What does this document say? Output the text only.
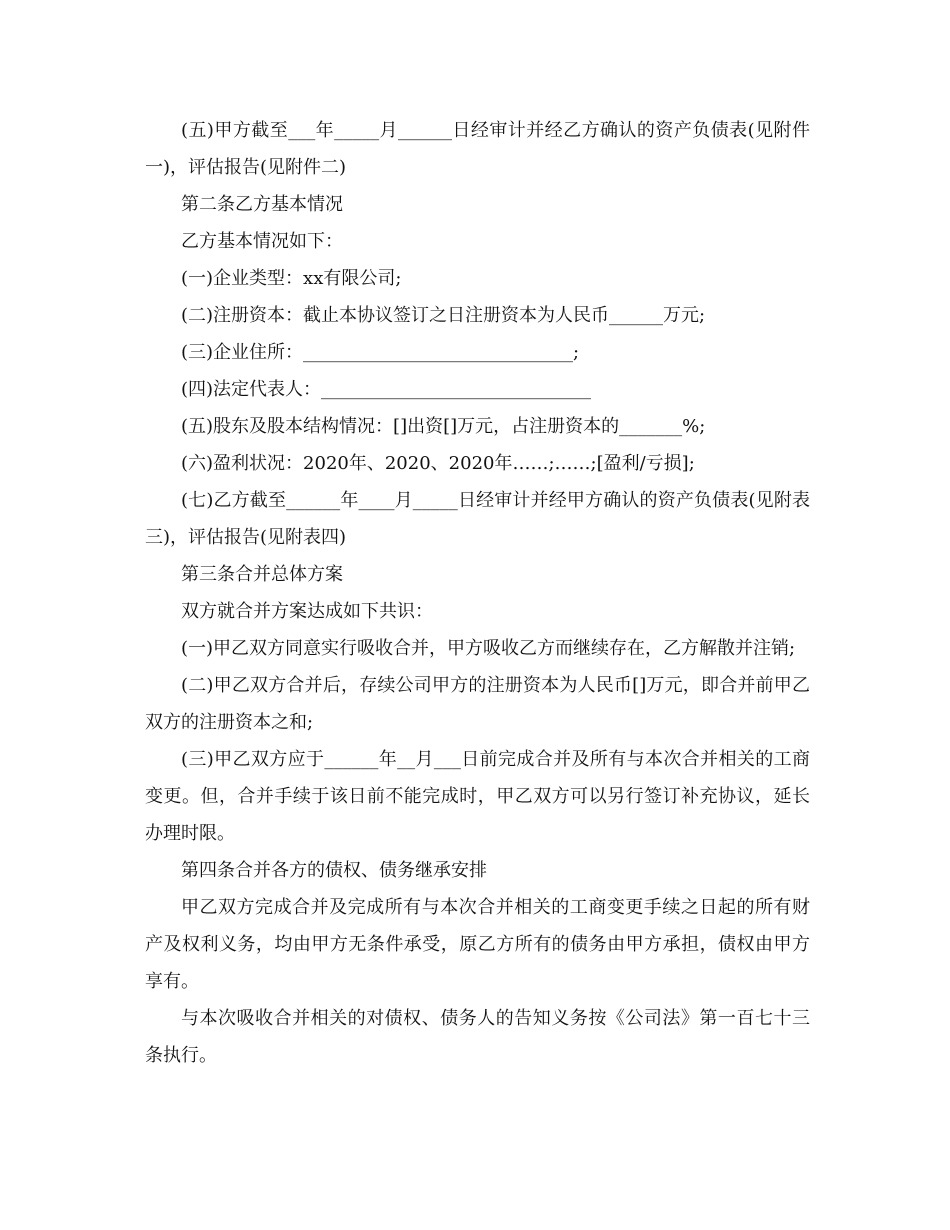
(五)甲方截至___年_____月______日经审计并经乙方确认的资产负债表(见附件一)，评估报告(见附件二)

第二条乙方基本情况

乙方基本情况如下：

(一)企业类型：xx有限公司;

(二)注册资本：截止本协议签订之日注册资本为人民币______万元;

(三)企业住所：______________________________;

(四)法定代表人：______________________________

(五)股东及股本结构情况：[]出资[]万元，占注册资本的_______%;

(六)盈利状况：2020年、2020、2020年……;……;[盈利/亏损];

(七)乙方截至______年____月_____日经审计并经甲方确认的资产负债表(见附表三)，评估报告(见附表四)

第三条合并总体方案

双方就合并方案达成如下共识：

(一)甲乙双方同意实行吸收合并，甲方吸收乙方而继续存在，乙方解散并注销;

(二)甲乙双方合并后，存续公司甲方的注册资本为人民币[]万元，即合并前甲乙双方的注册资本之和;

(三)甲乙双方应于______年__月___日前完成合并及所有与本次合并相关的工商变更。但，合并手续于该日前不能完成时，甲乙双方可以另行签订补充协议，延长办理时限。

第四条合并各方的债权、债务继承安排

甲乙双方完成合并及完成所有与本次合并相关的工商变更手续之日起的所有财产及权利义务，均由甲方无条件承受，原乙方所有的债务由甲方承担，债权由甲方享有。

与本次吸收合并相关的对债权、债务人的告知义务按《公司法》第一百七十三条执行。
